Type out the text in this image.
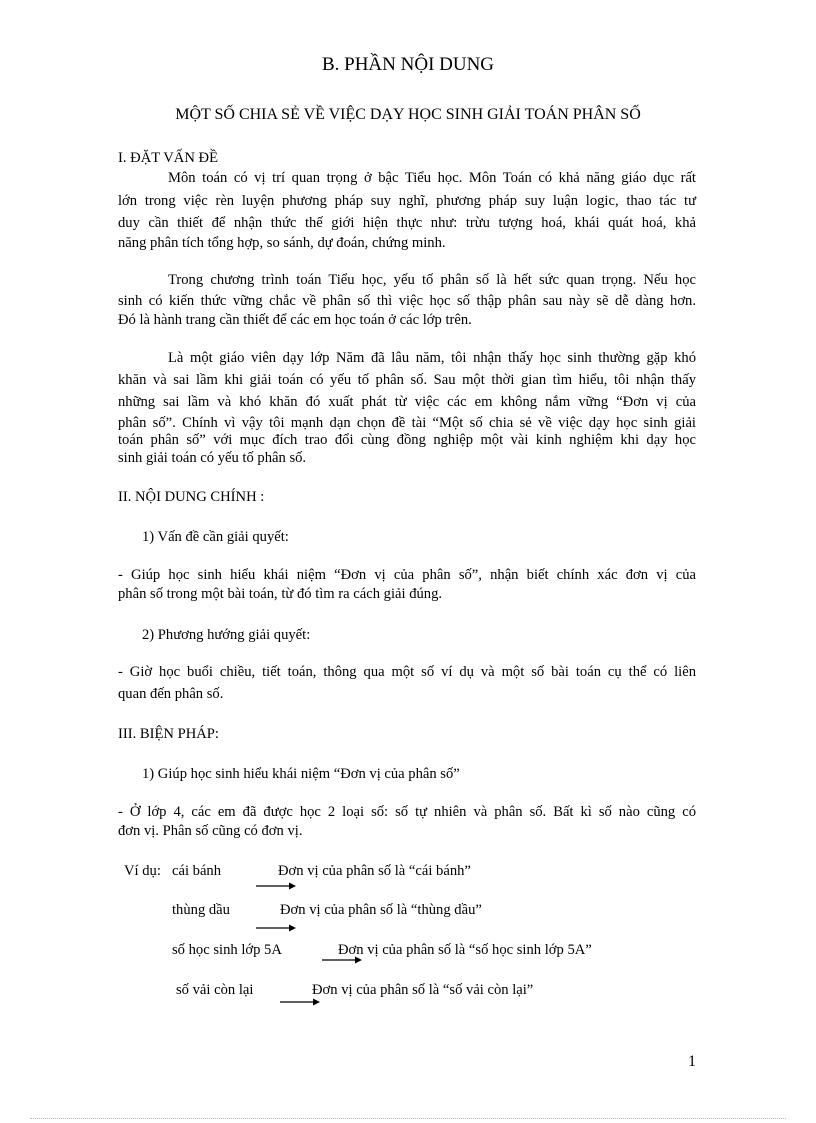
B. PHẦN NỘI DUNG
MỘT SỐ CHIA SẺ VỀ VIỆC DẠY HỌC SINH GIẢI TOÁN PHÂN SỐ
I. ĐẶT VẤN ĐỀ
Môn toán có vị trí quan trọng ở bậc Tiểu học. Môn Toán có khả năng giáo dục rất
lớn trong việc rèn luyện phương pháp suy nghĩ, phương pháp suy luận logic, thao tác tư
duy cần thiết để nhận thức thế giới hiện thực như: trừu tượng hoá, khái quát hoá, khả
năng phân tích tổng hợp, so sánh, dự đoán, chứng minh.
Trong chương trình toán Tiểu học, yếu tố phân số là hết sức quan trọng. Nếu học
sinh có kiến thức vững chắc về phân số thì việc học số thập phân sau này sẽ dễ dàng hơn.
Đó là hành trang cần thiết để các em học toán ở các lớp trên.
Là một giáo viên dạy lớp Năm đã lâu năm, tôi nhận thấy học sinh thường gặp khó
khăn và sai lầm khi giải toán có yếu tố phân số. Sau một thời gian tìm hiểu, tôi nhận thấy
những sai lầm và khó khăn đó xuất phát từ việc các em không nắm vững “Đơn vị của
phân số”. Chính vì vậy tôi mạnh dạn chọn đề tài “Một số chia sẻ về việc dạy học sinh giải
toán phân số” với mục đích trao đổi cùng đồng nghiệp một vài kinh nghiệm khi dạy học
sinh giải toán có yếu tố phân số.
II. NỘI DUNG CHÍNH :
1) Vấn đề cần giải quyết:
- Giúp học sinh hiểu khái niệm “Đơn vị của phân số”, nhận biết chính xác đơn vị của
phân số trong một bài toán, từ đó tìm ra cách giải đúng.
2) Phương hướng giải quyết:
- Giờ học buổi chiều, tiết toán, thông qua một số ví dụ và một số bài toán cụ thể có liên
quan đến phân số.
III. BIỆN PHÁP:
1) Giúp học sinh hiểu khái niệm “Đơn vị của phân số”
- Ở lớp 4, các em đã được học 2 loại số: số tự nhiên và phân số. Bất kì số nào cũng có
đơn vị. Phân số cũng có đơn vị.
Ví dụ: cái bánh	Đơn vị của phân số là “cái bánh”
thùng dầu	Đơn vị của phân số là “thùng dầu”
số học sinh lớp 5A	Đơn vị của phân số là “số học sinh lớp 5A”
số vải còn lại	Đơn vị của phân số là “số vải còn lại”
1
